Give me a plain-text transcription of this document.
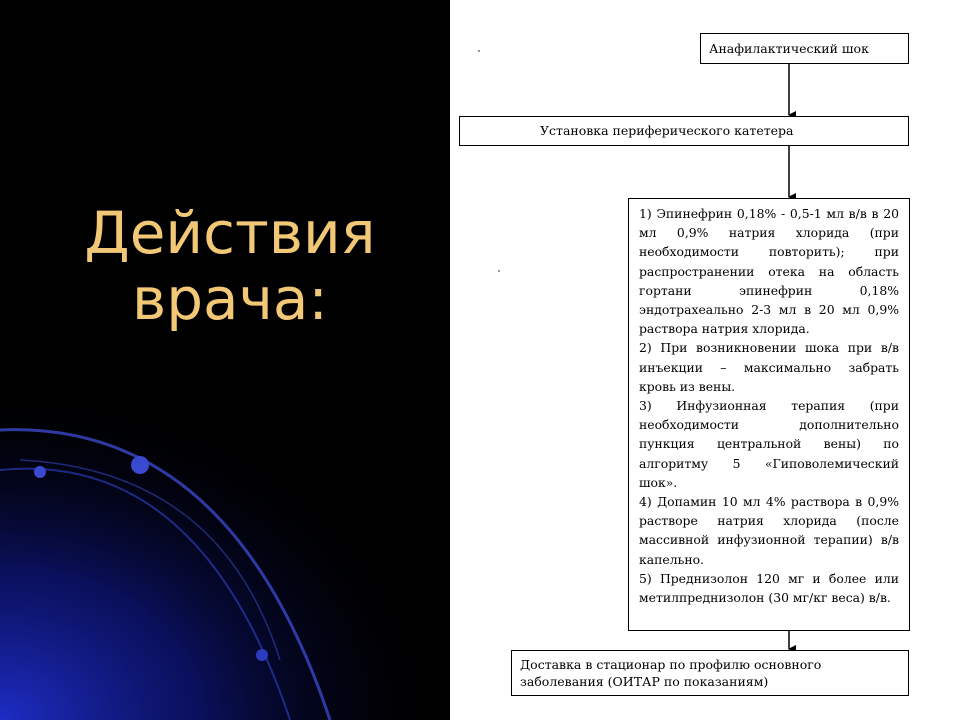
Действия
врача:
Анафилактический шок
Установка периферического катетера

1) Эпинефрин 0,18% - 0,5-1 мл в/в в 20 мл 0,9% натрия хлорида (при необходимости повторить); при распространении отека на область гортани эпинефрин 0,18% эндотрахеально 2-3 мл в 20 мл 0,9% раствора натрия хлорида.

2) При возникновении шока при в/в инъекции – максимально забрать кровь из вены.

3) Инфузионная терапия (при необходимости дополнительно пункция центральной вены) по алгоритму 5 «Гиповолемический шок».

4) Допамин 10 мл 4% раствора в 0,9% растворе натрия хлорида (после массивной инфузионной терапии) в/в капельно.

5) Преднизолон 120 мг и более или метилпреднизолон (30 мг/кг веса) в/в.

Доставка в стационар по профилю основного заболевания (ОИТАР по показаниям)
